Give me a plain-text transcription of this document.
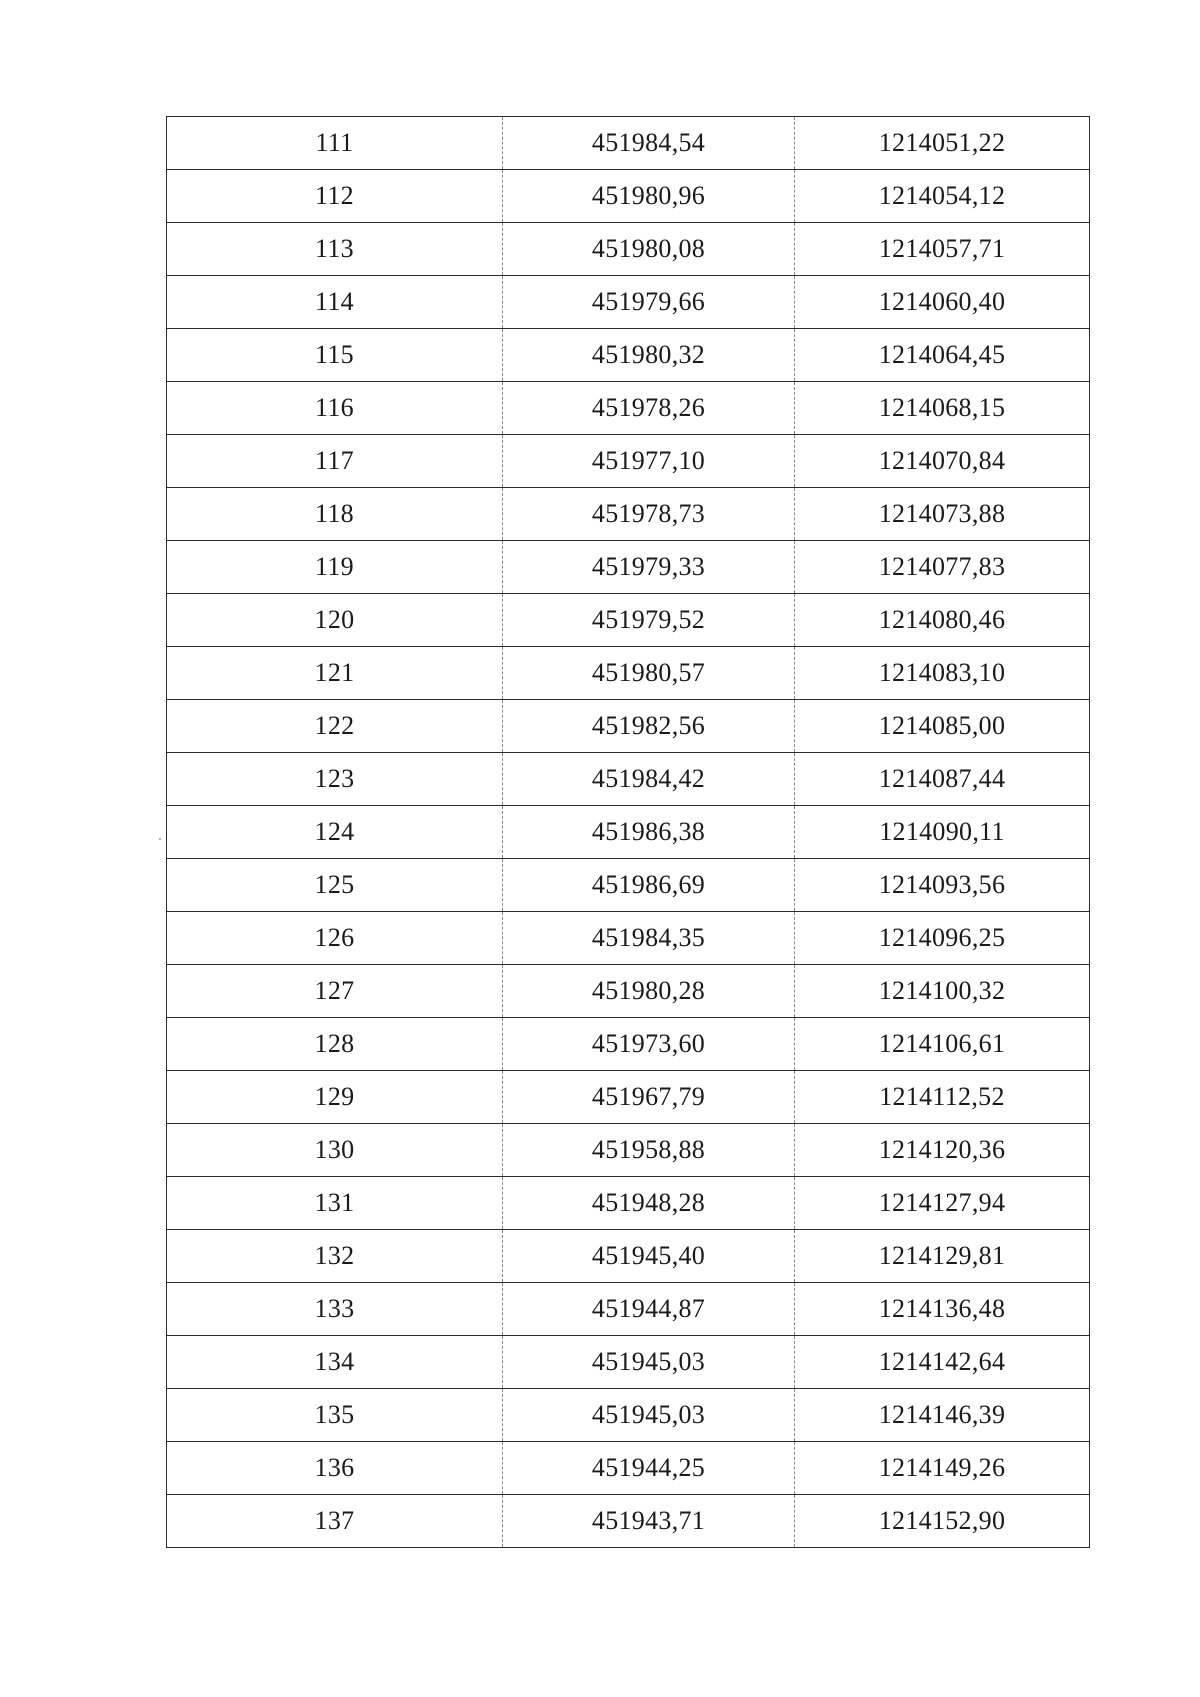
111	451984,54	1214051,22
112	451980,96	1214054,12
113	451980,08	1214057,71
114	451979,66	1214060,40
115	451980,32	1214064,45
116	451978,26	1214068,15
117	451977,10	1214070,84
118	451978,73	1214073,88
119	451979,33	1214077,83
120	451979,52	1214080,46
121	451980,57	1214083,10
122	451982,56	1214085,00
123	451984,42	1214087,44
124	451986,38	1214090,11
125	451986,69	1214093,56
126	451984,35	1214096,25
127	451980,28	1214100,32
128	451973,60	1214106,61
129	451967,79	1214112,52
130	451958,88	1214120,36
131	451948,28	1214127,94
132	451945,40	1214129,81
133	451944,87	1214136,48
134	451945,03	1214142,64
135	451945,03	1214146,39
136	451944,25	1214149,26
137	451943,71	1214152,90
